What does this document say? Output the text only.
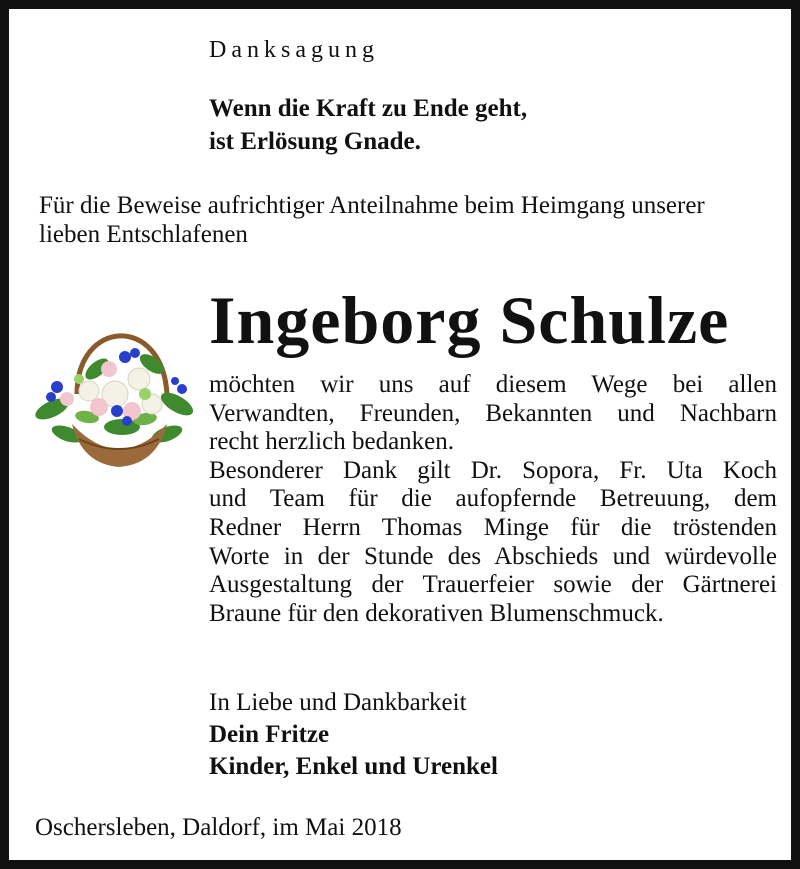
Danksagung

Wenn die Kraft zu Ende geht,

ist Erlösung Gnade.

Für die Beweise aufrichtiger Anteilnahme beim Heimgang unserer

lieben Entschlafenen

Ingeborg Schulze

möchten wir uns auf diesem Wege bei allen
Verwandten, Freunden, Bekannten und Nachbarn
recht herzlich bedanken.
Besonderer Dank gilt Dr. Sopora, Fr. Uta Koch
und Team für die aufopfernde Betreuung, dem
Redner Herrn Thomas Minge für die tröstenden
Worte in der Stunde des Abschieds und würdevolle
Ausgestaltung der Trauerfeier sowie der Gärtnerei
Braune für den dekorativen Blumenschmuck.

In Liebe und Dankbarkeit

Dein Fritze

Kinder, Enkel und Urenkel

Oschersleben, Daldorf, im Mai 2018
